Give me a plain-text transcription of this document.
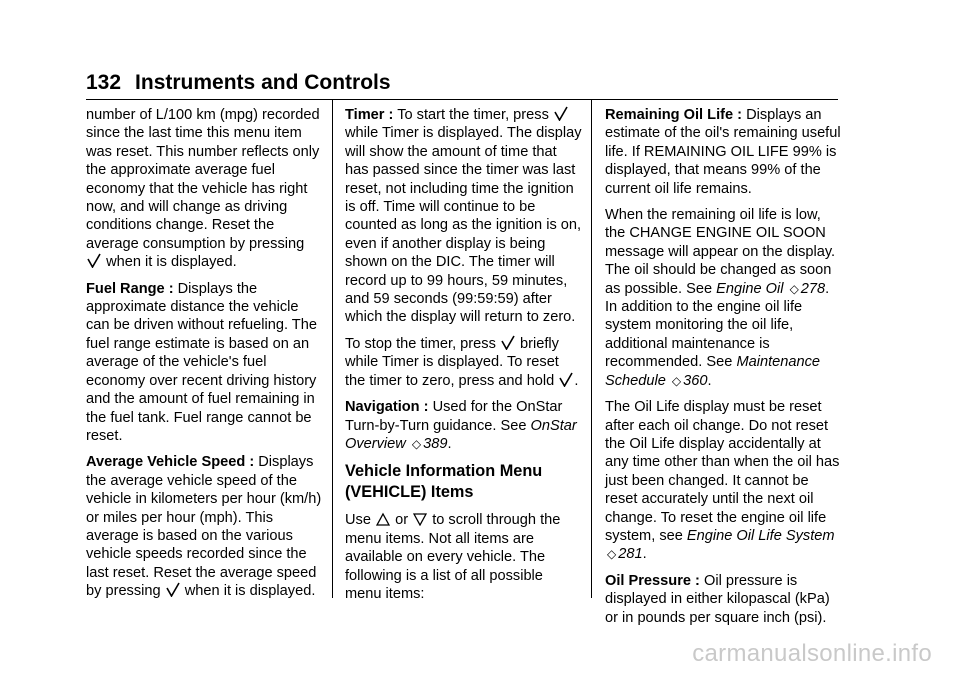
132 Instruments and Controls

number of L/100 km (mpg) recorded since the last time this menu item was reset. This number reflects only the approximate average fuel economy that the vehicle has right now, and will change as driving conditions change. Reset the average consumption by pressing  when it is displayed.

Fuel Range : Displays the approximate distance the vehicle can be driven without refueling. The fuel range estimate is based on an average of the vehicle's fuel economy over recent driving history and the amount of fuel remaining in the fuel tank. Fuel range cannot be reset.

Average Vehicle Speed : Displays the average vehicle speed of the vehicle in kilometers per hour (km/h) or miles per hour (mph). This average is based on the various vehicle speeds recorded since the last reset. Reset the average speed by pressing when it is displayed.

Timer : To start the timer, press  while Timer is displayed. The display will show the amount of time that has passed since the timer was last reset, not including time the ignition is off. Time will continue to be counted as long as the ignition is on, even if another display is being shown on the DIC. The timer will record up to 99 hours, 59 minutes, and 59 seconds (99:59:59) after which the display will return to zero.

To stop the timer, press briefly while Timer is displayed. To reset the timer to zero, press and hold .

Navigation : Used for the OnStar Turn-by-Turn guidance. See OnStar Overview ◇ 389.

Vehicle Information Menu (VEHICLE) Items

Use or to scroll through the menu items. Not all items are available on every vehicle. The following is a list of all possible menu items:

Remaining Oil Life : Displays an estimate of the oil's remaining useful life. If REMAINING OIL LIFE 99% is displayed, that means 99% of the current oil life remains.

When the remaining oil life is low, the CHANGE ENGINE OIL SOON message will appear on the display. The oil should be changed as soon as possible. See Engine Oil ◇ 278. In addition to the engine oil life system monitoring the oil life, additional maintenance is recommended. See Maintenance Schedule ◇ 360.

The Oil Life display must be reset after each oil change. Do not reset the Oil Life display accidentally at any time other than when the oil has just been changed. It cannot be reset accurately until the next oil change. To reset the engine oil life system, see Engine Oil Life System ◇ 281.

Oil Pressure : Oil pressure is displayed in either kilopascal (kPa) or in pounds per square inch (psi).

carmanualsonline.info
